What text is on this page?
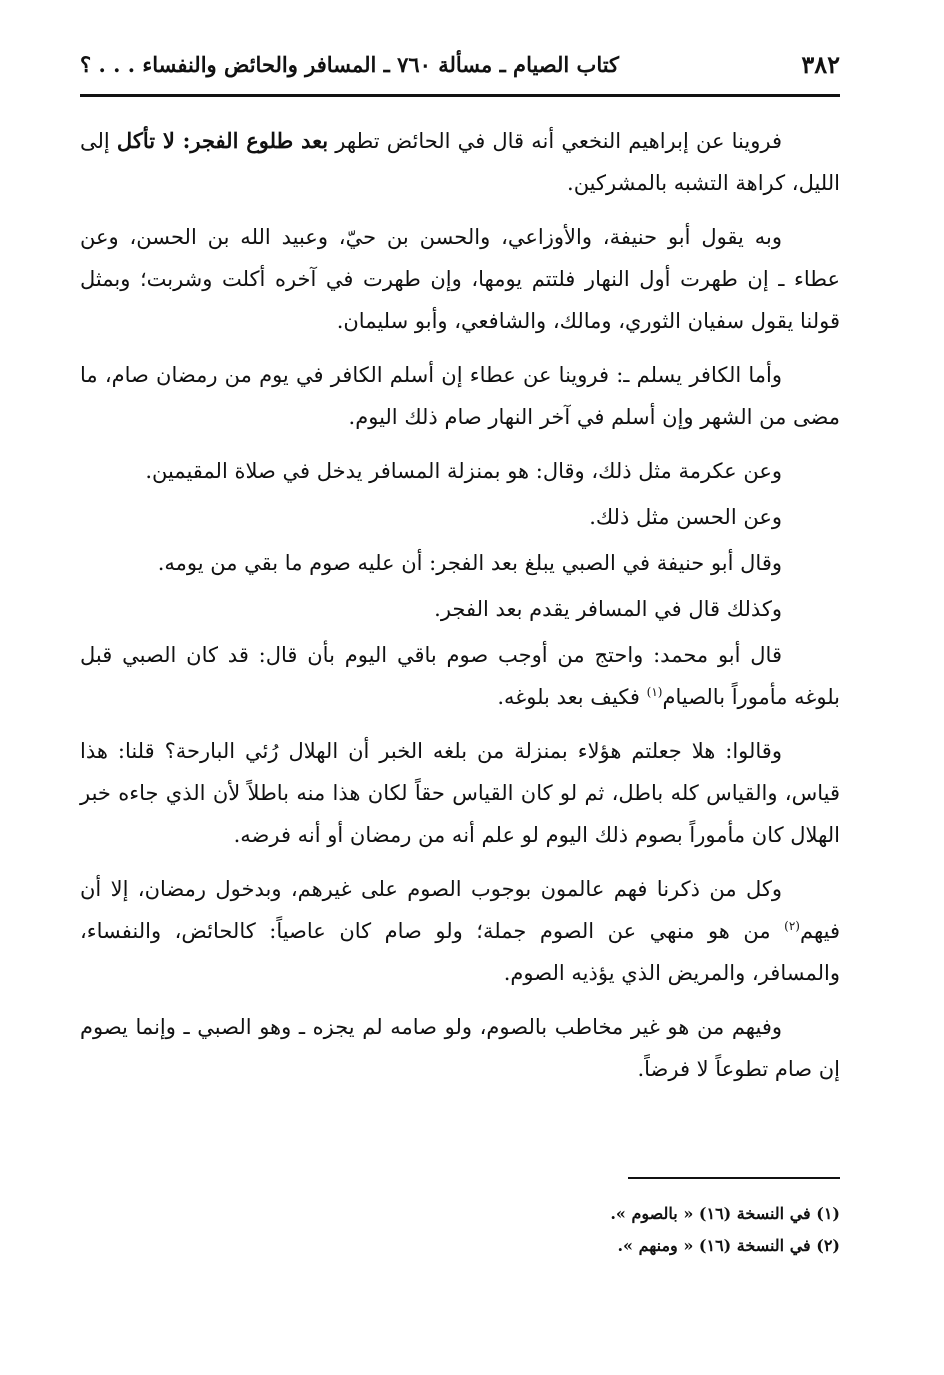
٣٨٢
كتاب الصيام ـ مسألة ٧٦٠ ـ المسافر والحائض والنفساء . . . ؟

فروينا عن إبراهيم النخعي أنه قال في الحائض تطهر بعد طلوع الفجر: لا تأكل إلى الليل، كراهة التشبه بالمشركين.

وبه يقول أبو حنيفة، والأوزاعي، والحسن بن حيّ، وعبيد الله بن الحسن، وعن عطاء ـ إن طهرت أول النهار فلتتم يومها، وإن طهرت في آخره أكلت وشربت؛ وبمثل قولنا يقول سفيان الثوري، ومالك، والشافعي، وأبو سليمان.

وأما الكافر يسلم ـ: فروينا عن عطاء إن أسلم الكافر في يوم من رمضان صام، ما مضى من الشهر وإن أسلم في آخر النهار صام ذلك اليوم.

وعن عكرمة مثل ذلك، وقال: هو بمنزلة المسافر يدخل في صلاة المقيمين.

وعن الحسن مثل ذلك.

وقال أبو حنيفة في الصبي يبلغ بعد الفجر: أن عليه صوم ما بقي من يومه.

وكذلك قال في المسافر يقدم بعد الفجر.

قال أبو محمد: واحتج من أوجب صوم باقي اليوم بأن قال: قد كان الصبي قبل بلوغه مأموراً بالصيام$^{(١)}$ فكيف بعد بلوغه.

وقالوا: هلا جعلتم هؤلاء بمنزلة من بلغه الخبر أن الهلال رُئي البارحة؟ قلنا: هذا قياس، والقياس كله باطل، ثم لو كان القياس حقاً لكان هذا منه باطلاً لأن الذي جاءه خبر الهلال كان مأموراً بصوم ذلك اليوم لو علم أنه من رمضان أو أنه فرضه.

وكل من ذكرنا فهم عالمون بوجوب الصوم على غيرهم، وبدخول رمضان، إلا أن فيهم$^{(٢)}$ من هو منهي عن الصوم جملة؛ ولو صام كان عاصياً: كالحائض، والنفساء، والمسافر، والمريض الذي يؤذيه الصوم.

وفيهم من هو غير مخاطب بالصوم، ولو صامه لم يجزه ـ وهو الصبي ـ وإنما يصوم إن صام تطوعاً لا فرضاً.

(١) في النسخة (١٦) « بالصوم ».

(٢) في النسخة (١٦) « ومنهم ».
